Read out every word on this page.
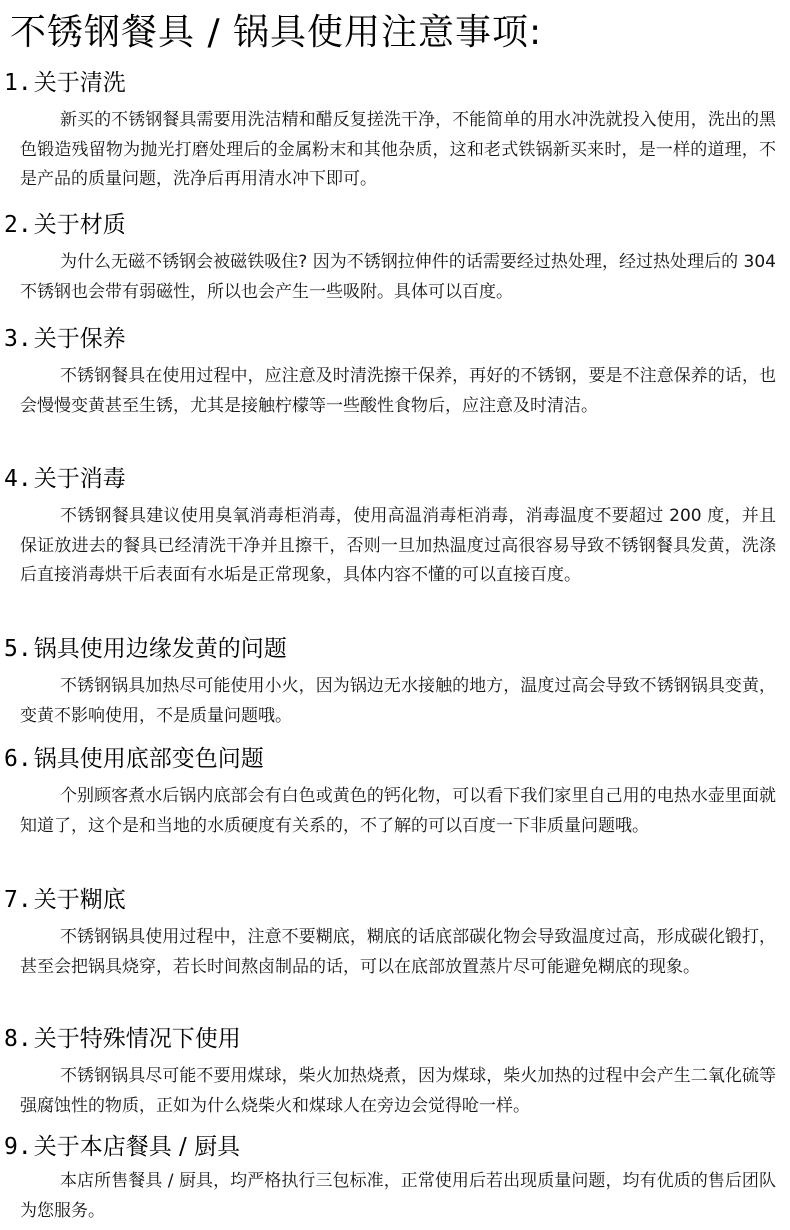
不锈钢餐具 / 锅具使用注意事项:
1.关于清洗
新买的不锈钢餐具需要用洗洁精和醋反复搓洗干净，不能简单的用水冲洗就投入使用，洗出的黑色锻造残留物为抛光打磨处理后的金属粉末和其他杂质，这和老式铁锅新买来时，是一样的道理，不是产品的质量问题，洗净后再用清水冲下即可。
2.关于材质
为什么无磁不锈钢会被磁铁吸住? 因为不锈钢拉伸件的话需要经过热处理，经过热处理后的 304 不锈钢也会带有弱磁性，所以也会产生一些吸附。具体可以百度。
3.关于保养
不锈钢餐具在使用过程中，应注意及时清洗擦干保养，再好的不锈钢，要是不注意保养的话，也会慢慢变黄甚至生锈，尤其是接触柠檬等一些酸性食物后，应注意及时清洁。
4.关于消毒
不锈钢餐具建议使用臭氧消毒柜消毒，使用高温消毒柜消毒，消毒温度不要超过 200 度，并且保证放进去的餐具已经清洗干净并且擦干，否则一旦加热温度过高很容易导致不锈钢餐具发黄，洗涤后直接消毒烘干后表面有水垢是正常现象，具体内容不懂的可以直接百度。
5.锅具使用边缘发黄的问题
不锈钢锅具加热尽可能使用小火，因为锅边无水接触的地方，温度过高会导致不锈钢锅具变黄，变黄不影响使用，不是质量问题哦。
6.锅具使用底部变色问题
个别顾客煮水后锅内底部会有白色或黄色的钙化物，可以看下我们家里自己用的电热水壶里面就知道了，这个是和当地的水质硬度有关系的，不了解的可以百度一下非质量问题哦。
7.关于糊底
不锈钢锅具使用过程中，注意不要糊底，糊底的话底部碳化物会导致温度过高，形成碳化锻打，甚至会把锅具烧穿，若长时间熬卤制品的话，可以在底部放置蒸片尽可能避免糊底的现象。
8.关于特殊情况下使用
不锈钢锅具尽可能不要用煤球，柴火加热烧煮，因为煤球，柴火加热的过程中会产生二氧化硫等强腐蚀性的物质，正如为什么烧柴火和煤球人在旁边会觉得呛一样。
9.关于本店餐具 / 厨具
本店所售餐具 / 厨具，均严格执行三包标准，正常使用后若出现质量问题，均有优质的售后团队为您服务。
